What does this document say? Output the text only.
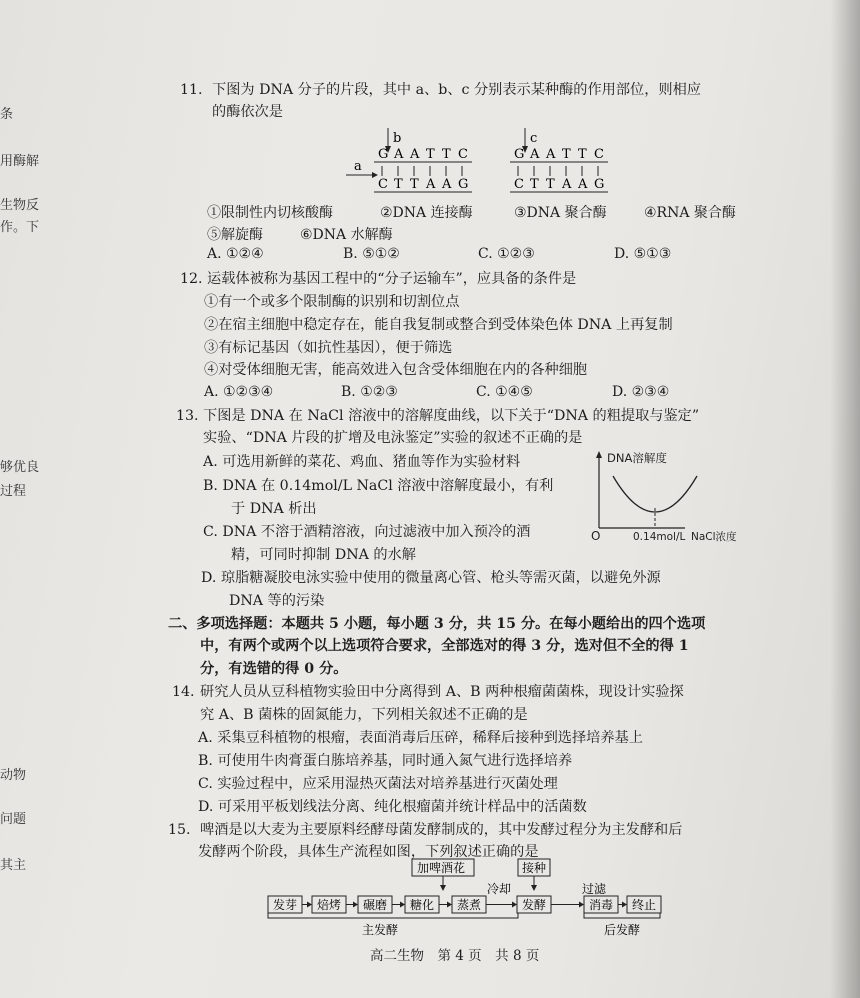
条
用酶解
生物反
作。下
够优良
过程
动物
问题
其主
11. 下图为 DNA 分子的片段，其中 a、b、c 分别表示某种酶的作用部位，则相应
的酶依次是
a
b	c
G A A T T C
C T T A A G
G A A T T C
C T T A A G
①限制性内切核酸酶	②DNA 连接酶	③DNA 聚合酶	④RNA 聚合酶
⑤解旋酶	⑥DNA 水解酶
A. ①②④	B. ⑤①②	C. ①②③	D. ⑤①③
12. 运载体被称为基因工程中的“分子运输车”，应具备的条件是
①有一个或多个限制酶的识别和切割位点
②在宿主细胞中稳定存在，能自我复制或整合到受体染色体 DNA 上再复制
③有标记基因（如抗性基因），便于筛选
④对受体细胞无害，能高效进入包含受体细胞在内的各种细胞
A. ①②③④	B. ①②③	C. ①④⑤	D. ②③④
13. 下图是 DNA 在 NaCl 溶液中的溶解度曲线，以下关于“DNA 的粗提取与鉴定”
实验、“DNA 片段的扩增及电泳鉴定”实验的叙述不正确的是
A. 可选用新鲜的菜花、鸡血、猪血等作为实验材料
B. DNA 在 0.14mol/L NaCl 溶液中溶解度最小，有利
于 DNA 析出
C. DNA 不溶于酒精溶液，向过滤液中加入预冷的酒
精，可同时抑制 DNA 的水解
D. 琼脂糖凝胶电泳实验中使用的微量离心管、枪头等需灭菌，以避免外源
DNA 等的污染
DNA溶解度
O	0.14mol/L NaCl浓度
二、多项选择题：本题共 5 小题，每小题 3 分，共 15 分。在每小题给出的四个选项
中，有两个或两个以上选项符合要求，全部选对的得 3 分，选对但不全的得 1
分，有选错的得 0 分。
14. 研究人员从豆科植物实验田中分离得到 A、B 两种根瘤菌菌株，现设计实验探
究 A、B 菌株的固氮能力，下列相关叙述不正确的是
A. 采集豆科植物的根瘤，表面消毒后压碎，稀释后接种到选择培养基上
B. 可使用牛肉膏蛋白胨培养基，同时通入氮气进行选择培养
C. 实验过程中，应采用湿热灭菌法对培养基进行灭菌处理
D. 可采用平板划线法分离、纯化根瘤菌并统计样品中的活菌数
15. 啤酒是以大麦为主要原料经酵母菌发酵制成的，其中发酵过程分为主发酵和后
发酵两个阶段，具体生产流程如图，下列叙述正确的是
加啤酒花	接种
冷却	过滤
发芽 焙烤 碾磨 糖化 蒸煮	发酵	消毒 终止
主发酵	后发酵
高二生物　第 4 页　共 8 页
